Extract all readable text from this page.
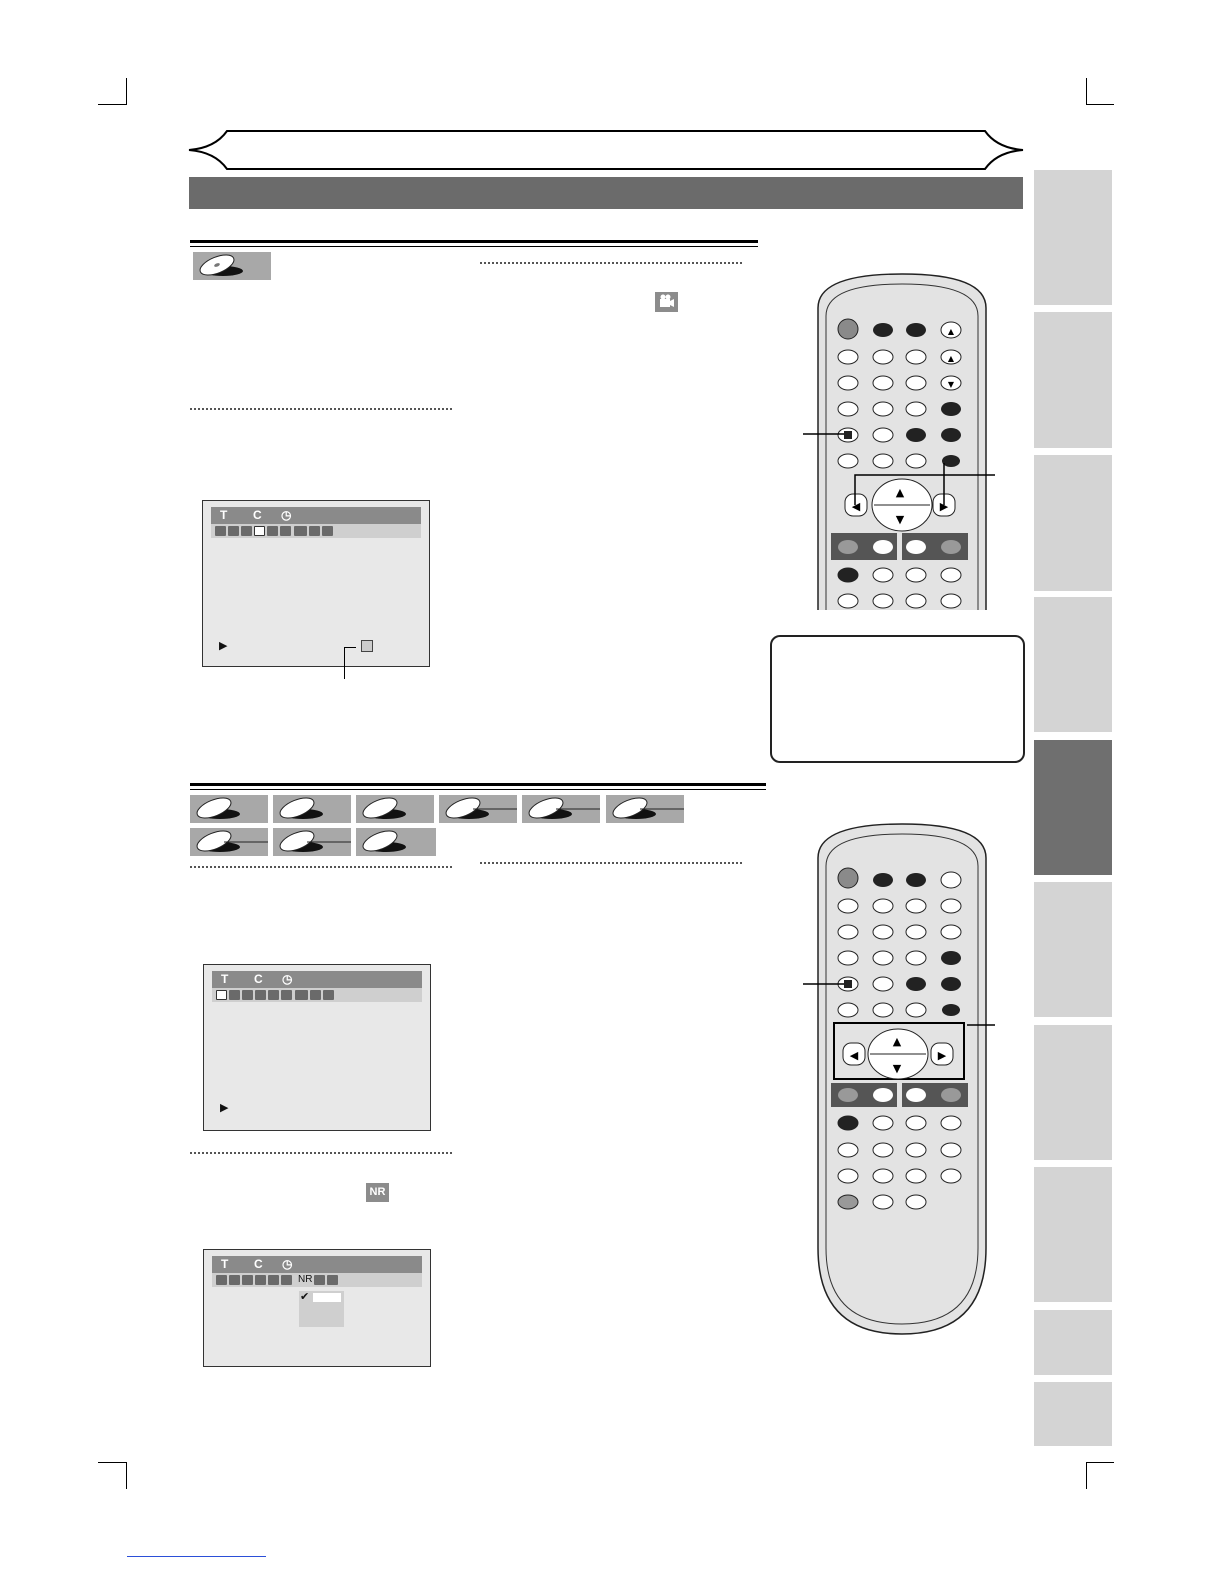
T C ◷
▶
▲
▲
▼
▲
▼
◀	▶
T C ◷
▶
NR
T C ◷
NR
✔
▲
▼
◀	▶
